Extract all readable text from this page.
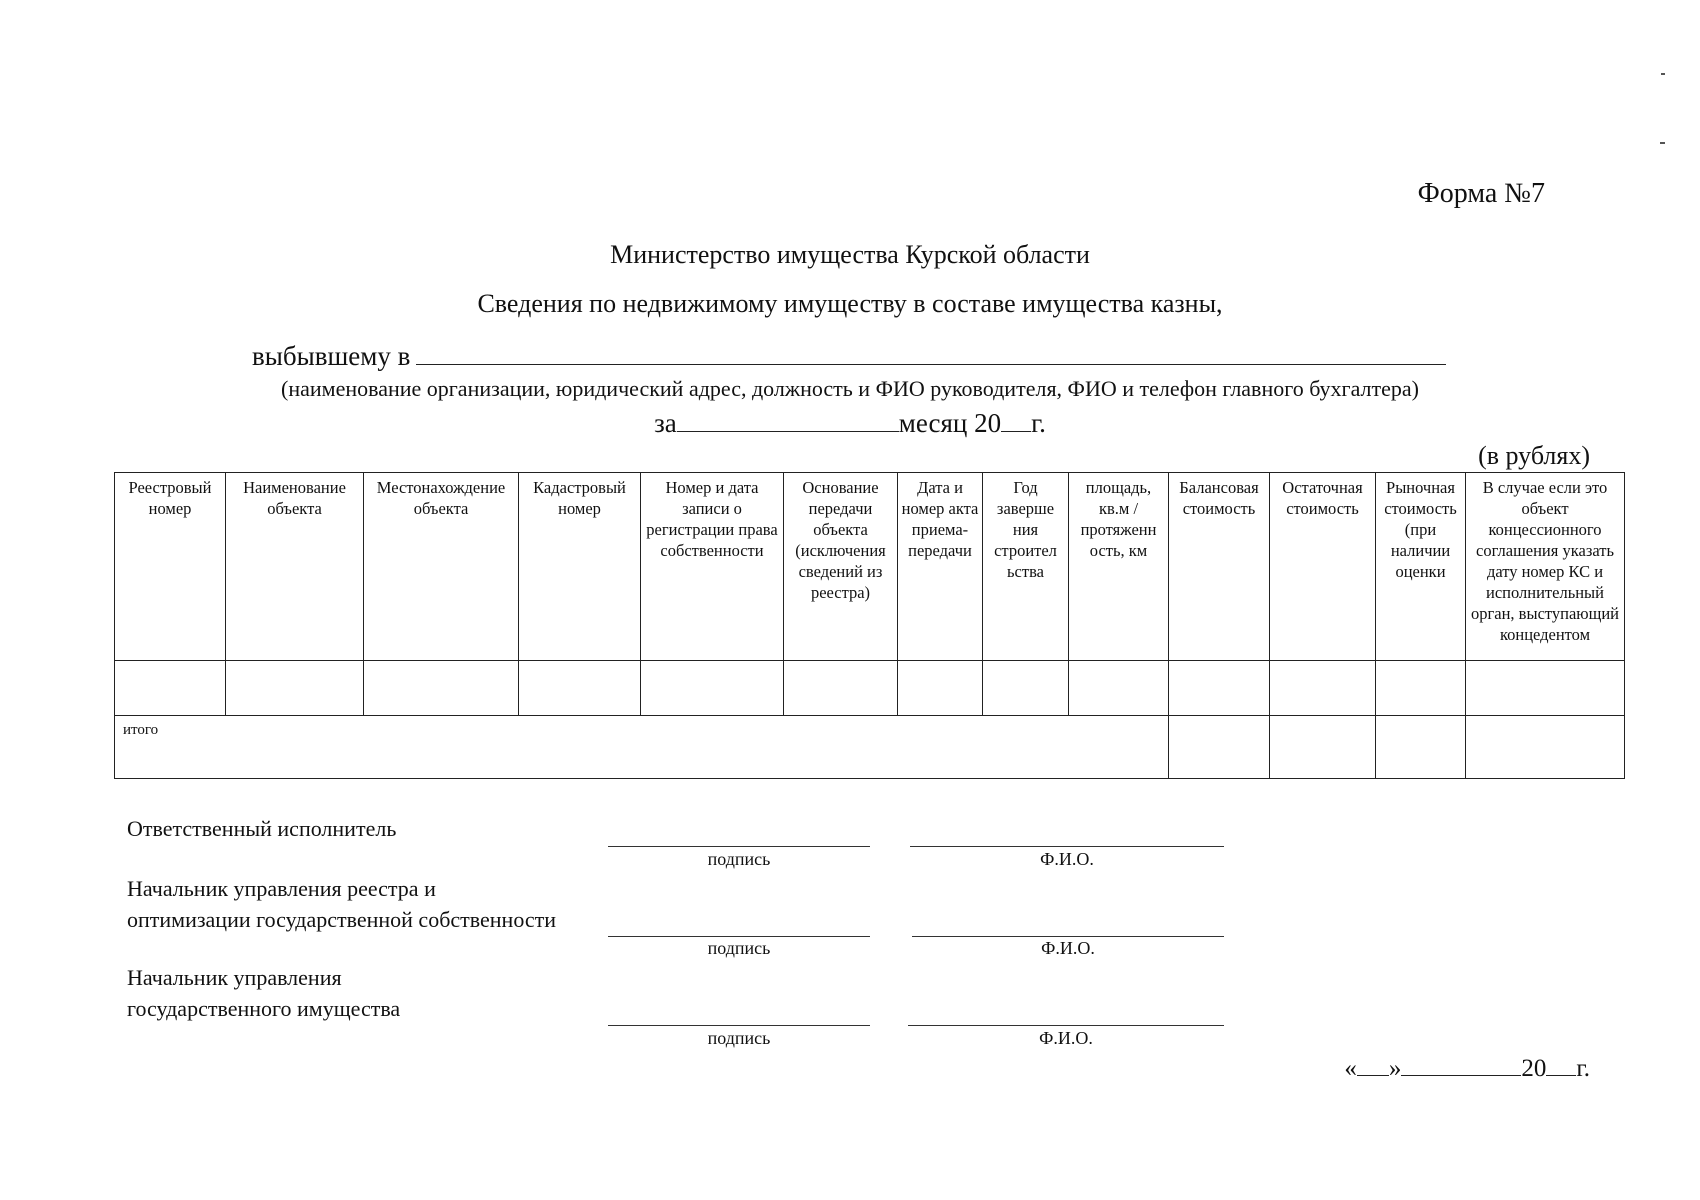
Форма №7
Министерство имущества Курской области
Сведения по недвижимому имуществу в составе имущества казны,
выбывшему в
(наименование организации, юридический адрес, должность и ФИО руководителя, ФИО и телефон главного бухгалтера)
за	месяц 20 г.
(в рублях)
Реестровый номер	Наименование объекта	Местонахождение объекта	Кадастровый номер	Номер и дата записи о регистрации права собственности	Основание передачи объекта (исключения сведений из реестра)	Дата и номер акта приема-передачи	Год заверше ния строител ьства	площадь, кв.м / протяженн ость, км	Балансовая стоимость	Остаточная стоимость	Рыночная стоимость (при наличии оценки	В случае если это объект концессионного соглашения указать дату номер КС и исполнительный орган, выступающий концедентом

итого												
Ответственный исполнитель
подпись	Ф.И.О.
Начальник управления реестра и
оптимизации государственной собственности
подпись	Ф.И.О.
Начальник управления
государственного имущества
подпись	Ф.И.О.
« »	20 г.
